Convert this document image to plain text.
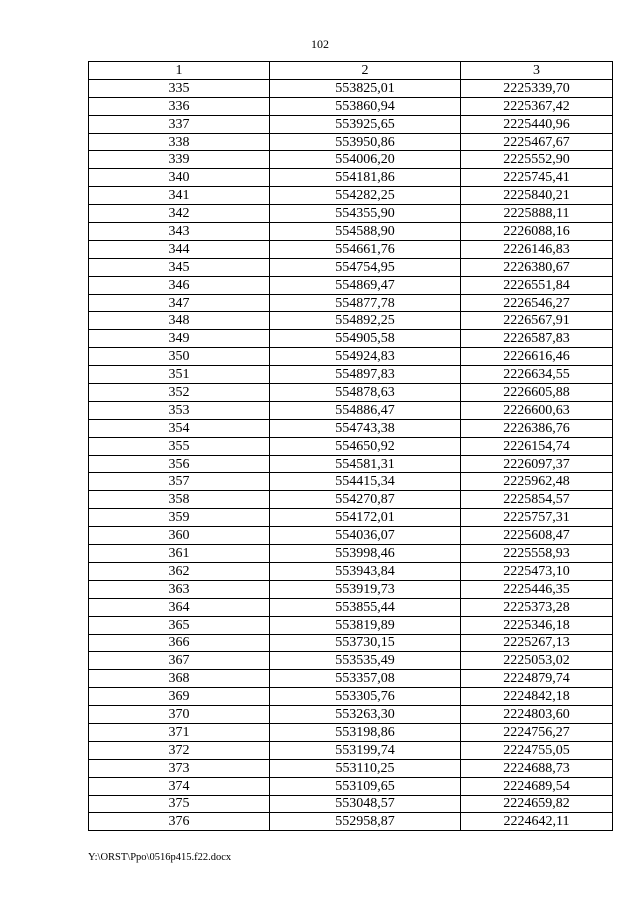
102
1	2	3
335	553825,01	2225339,70
336	553860,94	2225367,42
337	553925,65	2225440,96
338	553950,86	2225467,67
339	554006,20	2225552,90
340	554181,86	2225745,41
341	554282,25	2225840,21
342	554355,90	2225888,11
343	554588,90	2226088,16
344	554661,76	2226146,83
345	554754,95	2226380,67
346	554869,47	2226551,84
347	554877,78	2226546,27
348	554892,25	2226567,91
349	554905,58	2226587,83
350	554924,83	2226616,46
351	554897,83	2226634,55
352	554878,63	2226605,88
353	554886,47	2226600,63
354	554743,38	2226386,76
355	554650,92	2226154,74
356	554581,31	2226097,37
357	554415,34	2225962,48
358	554270,87	2225854,57
359	554172,01	2225757,31
360	554036,07	2225608,47
361	553998,46	2225558,93
362	553943,84	2225473,10
363	553919,73	2225446,35
364	553855,44	2225373,28
365	553819,89	2225346,18
366	553730,15	2225267,13
367	553535,49	2225053,02
368	553357,08	2224879,74
369	553305,76	2224842,18
370	553263,30	2224803,60
371	553198,86	2224756,27
372	553199,74	2224755,05
373	553110,25	2224688,73
374	553109,65	2224689,54
375	553048,57	2224659,82
376	552958,87	2224642,11
Y:\ORST\Ppo\0516p415.f22.docx
